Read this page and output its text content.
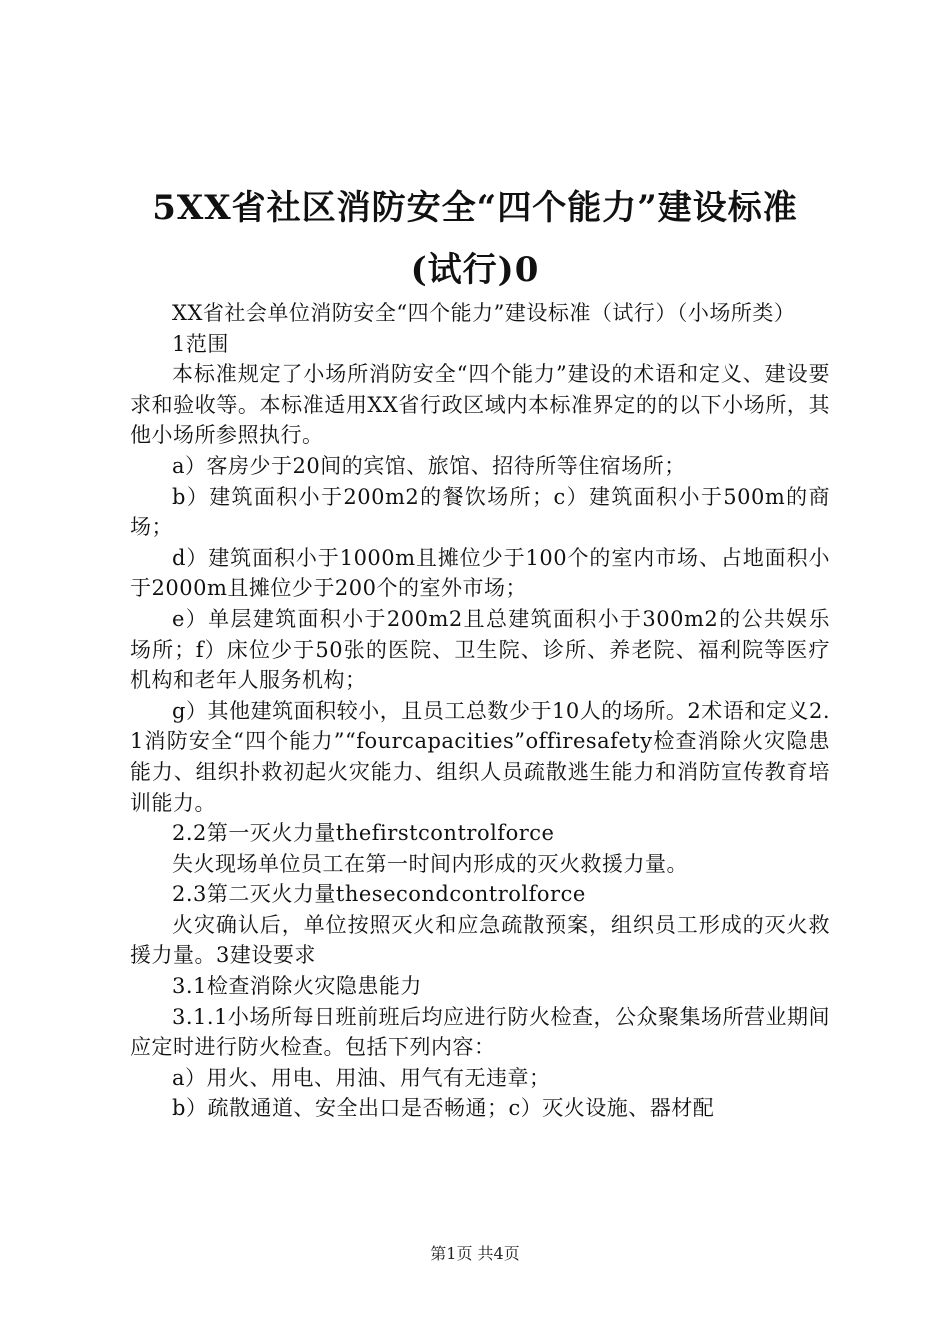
5XX省社区消防安全“四个能力”建设标准
(试行)0

XX省社会单位消防安全“四个能力”建设标准（试行）（小场所类）

1范围

本标准规定了小场所消防安全“四个能力”建设的术语和定义、建设要求和验收等。本标准适用XX省行政区域内本标准界定的的以下小场所，其他小场所参照执行。

a）客房少于20间的宾馆、旅馆、招待所等住宿场所；

b）建筑面积小于200m2的餐饮场所；c）建筑面积小于500m的商场；

d）建筑面积小于1000m且摊位少于100个的室内市场、占地面积小于2000m且摊位少于200个的室外市场；

e）单层建筑面积小于200m2且总建筑面积小于300m2的公共娱乐场所；f）床位少于50张的医院、卫生院、诊所、养老院、福利院等医疗机构和老年人服务机构；

g）其他建筑面积较小，且员工总数少于10人的场所。2术语和定义2.1消防安全“四个能力”“fourcapacities”offiresafety检查消除火灾隐患能力、组织扑救初起火灾能力、组织人员疏散逃生能力和消防宣传教育培训能力。

2.2第一灭火力量thefirstcontrolforce

失火现场单位员工在第一时间内形成的灭火救援力量。

2.3第二灭火力量thesecondcontrolforce

火灾确认后，单位按照灭火和应急疏散预案，组织员工形成的灭火救援力量。3建设要求

3.1检查消除火灾隐患能力

3.1.1小场所每日班前班后均应进行防火检查，公众聚集场所营业期间应定时进行防火检查。包括下列内容：

a）用火、用电、用油、用气有无违章；

b）疏散通道、安全出口是否畅通；c）灭火设施、器材配

第1页 共4页
